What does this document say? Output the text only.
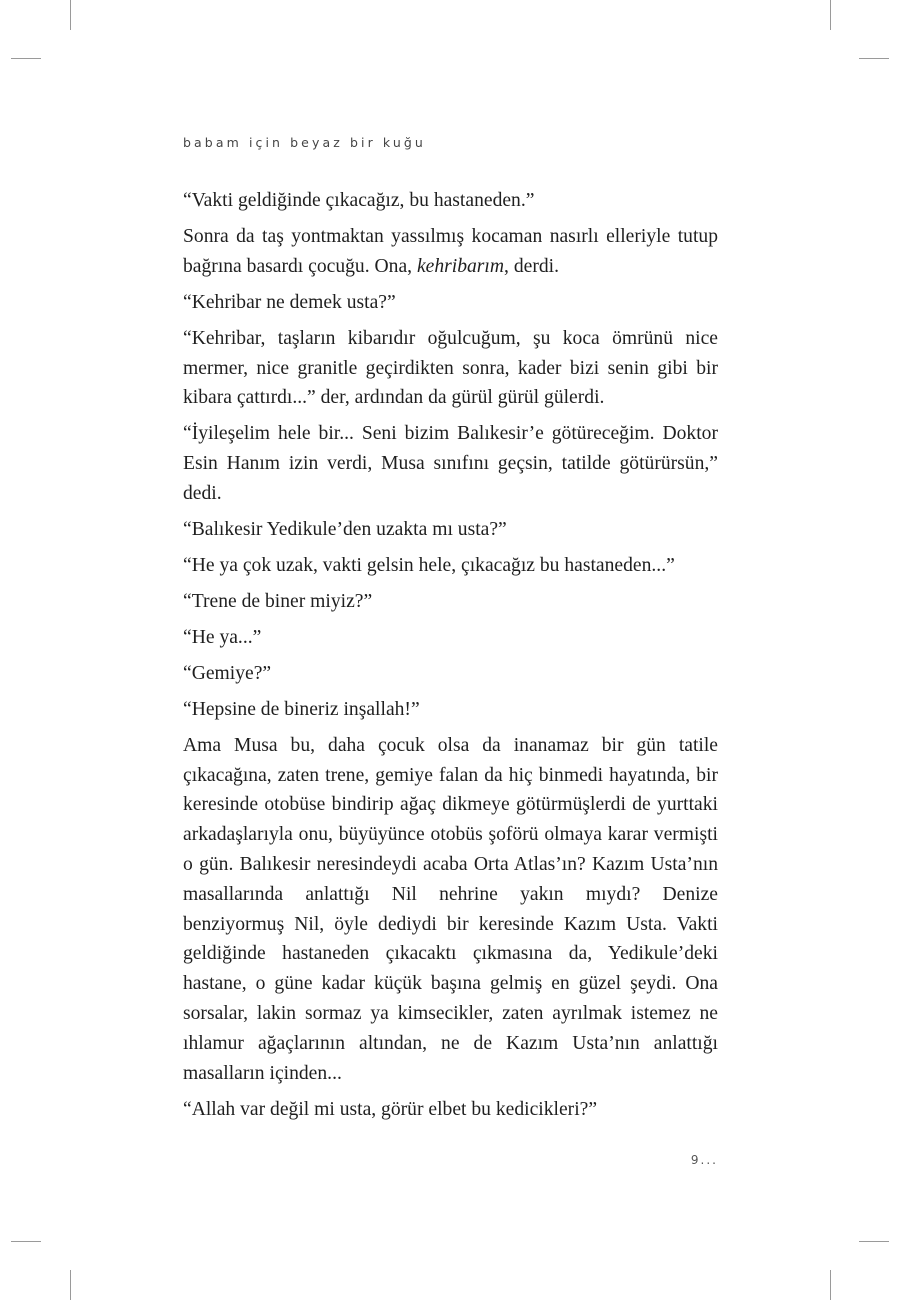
babam için beyaz bir kuğu

“Vakti geldiğinde çıkacağız, bu hastaneden.”

Sonra da taş yontmaktan yassılmış kocaman nasırlı elleriyle tutup bağrına basardı çocuğu. Ona, kehribarım, derdi.

“Kehribar ne demek usta?”

“Kehribar, taşların kibarıdır oğulcuğum, şu koca ömrünü nice mermer, nice granitle geçirdikten sonra, kader bizi senin gibi bir kibara çattırdı...” der, ardından da gürül gürül gülerdi.

“İyileşelim hele bir... Seni bizim Balıkesir’e götüreceğim. Doktor Esin Hanım izin verdi, Musa sınıfını geçsin, tatilde götürürsün,” dedi.

“Balıkesir Yedikule’den uzakta mı usta?”

“He ya çok uzak, vakti gelsin hele, çıkacağız bu hastaneden...”

“Trene de biner miyiz?”

“He ya...”

“Gemiye?”

“Hepsine de bineriz inşallah!”

Ama Musa bu, daha çocuk olsa da inanamaz bir gün tatile çıkacağına, zaten trene, gemiye falan da hiç binmedi hayatında, bir keresinde otobüse bindirip ağaç dikmeye götürmüşlerdi de yurttaki arkadaşlarıyla onu, büyüyünce otobüs şoförü olmaya karar vermişti o gün. Balıkesir neresindeydi acaba Orta Atlas’ın? Kazım Usta’nın masallarında anlattığı Nil nehrine yakın mıydı? Denize benziyormuş Nil, öyle dediydi bir keresinde Kazım Usta. Vakti geldiğinde hastaneden çıkacaktı çıkmasına da, Yedikule’deki hastane, o güne kadar küçük başına gelmiş en güzel şeydi. Ona sorsalar, lakin sormaz ya kimsecikler, zaten ayrılmak istemez ne ıhlamur ağaçlarının altından, ne de Kazım Usta’nın anlattığı masalların içinden...

“Allah var değil mi usta, görür elbet bu kedicikleri?”

9...
